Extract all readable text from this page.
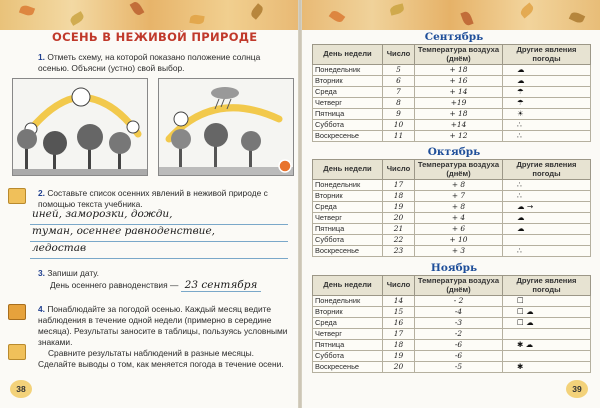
ОСЕНЬ В НЕЖИВОЙ ПРИРОДЕ
1. Отметь схему, на которой показано положение солнца осенью. Объясни (устно) свой выбор.
2. Составьте список осенних явлений в неживой природе с помощью текста учебника.
иней, заморозки, дожди,
туман, осеннее равноденствие,
ледостав
3. Запиши дату.
День осеннего равноденствия — 23 сентября
4. Понаблюдайте за погодой осенью. Каждый месяц ведите наблюдения в течение одной недели (примерно в середине месяца). Результаты заносите в таблицы, пользуясь условными знаками.
Сравните результаты наблюдений в разные месяцы. Сделайте выводы о том, как меняется погода в течение осени.
38
Сентябрь
День недели	Число	Температура воздуха (днём)	Другие явления погоды
Понедельник	5	+ 18	☁
Вторник	6	+ 16	☁
Среда	7	+ 14	☂
Четверг	8	+19	☂
Пятница	9	+ 18	☀
Суббота	10	+14	∴
Воскресенье	11	+ 12	∴
Октябрь
День недели	Число	Температура воздуха (днём)	Другие явления погоды
Понедельник	17	+ 8	∴
Вторник	18	+ 7	∴
Среда	19	+ 8	☁ →
Четверг	20	+ 4	☁
Пятница	21	+ 6	☁
Суббота	22	+ 10	
Воскресенье	23	+ 3	∴
Ноябрь
День недели	Число	Температура воздуха (днём)	Другие явления погоды
Понедельник	14	- 2	☐
Вторник	15	-4	☐ ☁
Среда	16	-3	☐ ☁
Четверг	17	-2	
Пятница	18	-6	✱ ☁
Суббота	19	-6	
Воскресенье	20	-5	✱
39
